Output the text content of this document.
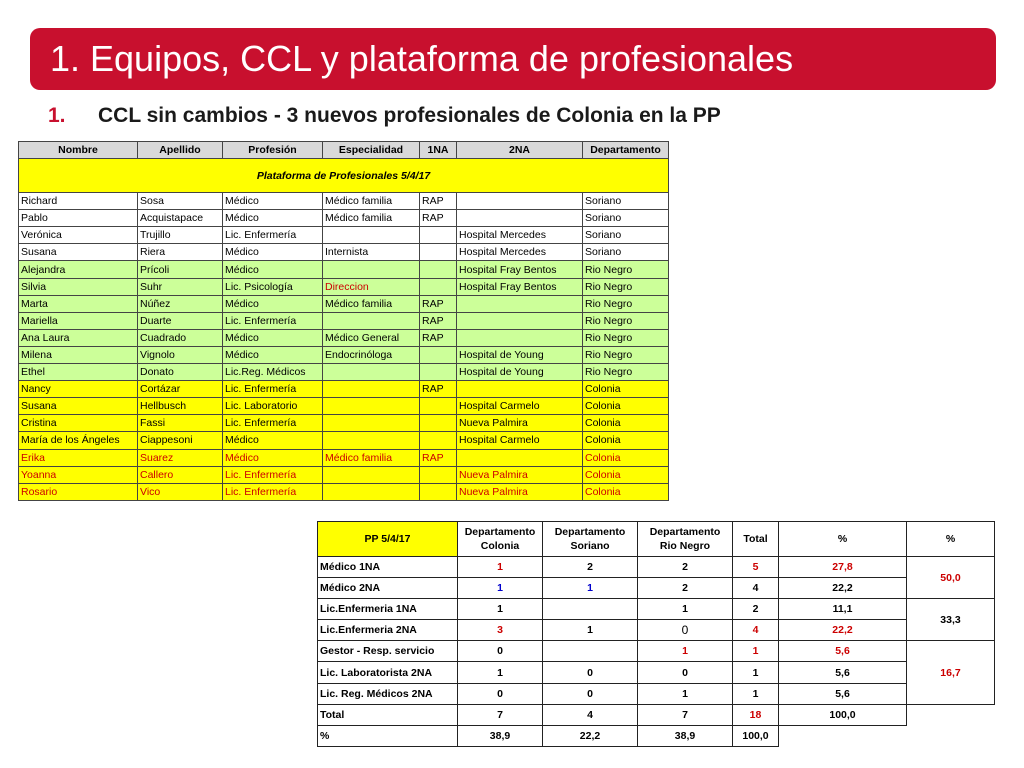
1. Equipos, CCL y plataforma de profesionales
1. CCL sin cambios - 3 nuevos profesionales de Colonia en la PP
Plataforma de Profesionales 5/4/17						
Nombre	Apellido	Profesión	Especialidad	1NA	2NA	Departamento
Richard	Sosa	Médico	Médico familia	RAP		Soriano
Pablo	Acquistapace	Médico	Médico familia	RAP		Soriano
Verónica	Trujillo	Lic. Enfermería			Hospital Mercedes	Soriano
Susana	Riera	Médico	Internista		Hospital Mercedes	Soriano
Alejandra	Prícoli	Médico			Hospital Fray Bentos	Rio Negro
Silvia	Suhr	Lic. Psicología	Direccion		Hospital Fray Bentos	Rio Negro
Marta	Núñez	Médico	Médico familia	RAP		Rio Negro
Mariella	Duarte	Lic. Enfermería		RAP		Rio Negro
Ana Laura	Cuadrado	Médico	Médico General	RAP		Rio Negro
Milena	Vignolo	Médico	Endocrinóloga		Hospital de Young	Rio Negro
Ethel	Donato	Lic.Reg. Médicos			Hospital de Young	Rio Negro
Nancy	Cortázar	Lic. Enfermería		RAP		Colonia
Susana	Hellbusch	Lic. Laboratorio			Hospital Carmelo	Colonia
Cristina	Fassi	Lic. Enfermería			Nueva Palmira	Colonia
María de los Ángeles	Ciappesoni	Médico			Hospital Carmelo	Colonia
Erika	Suarez	Médico	Médico familia	RAP		Colonia
Yoanna	Callero	Lic. Enfermería			Nueva Palmira	Colonia
Rosario	Vico	Lic. Enfermería			Nueva Palmira	Colonia
PP 5/4/17	Departamento Colonia	Departamento Soriano	Departamento Rio Negro	Total	%	%
Médico 1NA	1	2	2	5	27,8	50,0
Médico 2NA	1	1	2	4	22,2	
Lic.Enfermeria 1NA	1		1	2	11,1	33,3
Lic.Enfermeria 2NA	3	1	0	4	22,2	
Gestor - Resp. servicio	0		1	1	5,6	16,7
Lic. Laboratorista 2NA	1	0	0	1	5,6	
Lic. Reg. Médicos 2NA	0	0	1	1	5,6	
Total	7	4	7	18	100,0	
%	38,9	22,2	38,9	100,0		
